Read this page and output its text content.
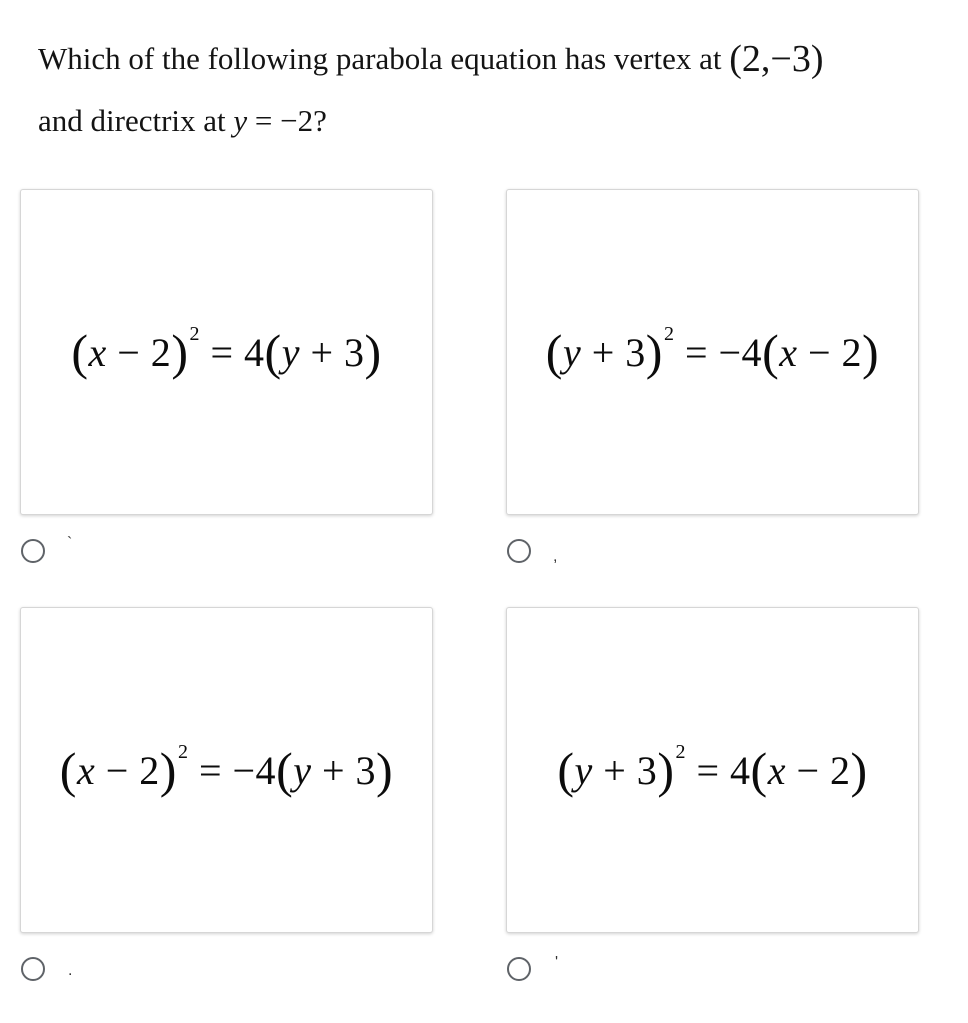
Which of the following parabola equation has vertex at (2,−3)
and directrix at y = −2?
$(x - 2)^2 = 4(y + 3)$
`
$(y + 3)^2 = -4(x - 2)$
,
$(x - 2)^2 = -4(y + 3)$
.
$(y + 3)^2 = 4(x - 2)$
'
